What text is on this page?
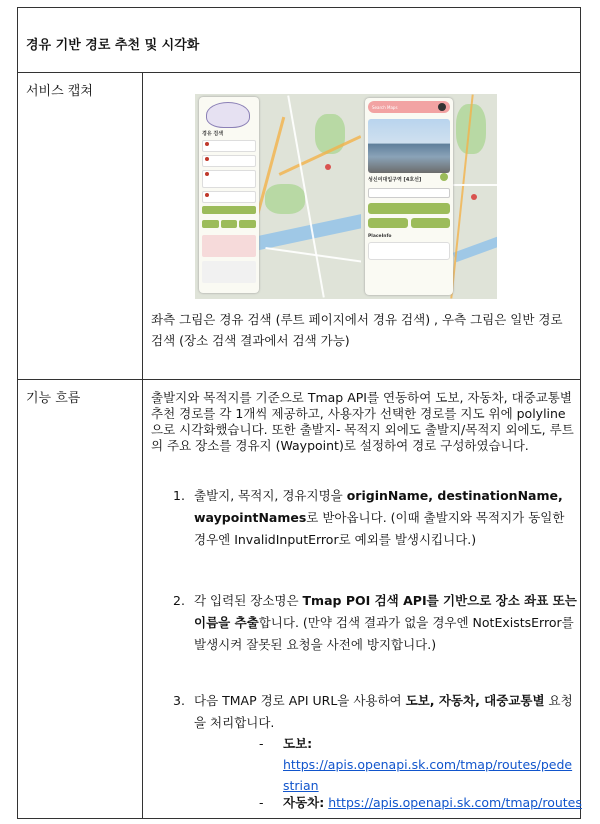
경유 기반 경로 추천 및 시각화
서비스 캡쳐
경유 검색
Search Maps
성신여대입구역 [4호선]
PlaceInfo
좌측 그림은 경유 검색 (루트 페이지에서 경유 검색) , 우측 그림은 일반 경로 검색 (장소 검색 결과에서 검색 가능)
기능 흐름	출발지와 목적지를 기준으로 Tmap API를 연동하여 도보, 자동차, 대중교통별 추천 경로를 각 1개씩 제공하고, 사용자가 선택한 경로를 지도 위에 polyline으로 시각화했습니다. 또한 출발지- 목적지 외에도 출발지/목적지 외에도, 루트의 주요 장소를 경유지 (Waypoint)로 설정하여 경로 구성하였습니다.
1. 출발지, 목적지, 경유지명을 originName, destinationName, waypointNames로 받아옵니다. (이때 출발지와 목적지가 동일한 경우엔 InvalidInputError로 예외를 발생시킵니다.)
2. 각 입력된 장소명은 Tmap POI 검색 API를 기반으로 장소 좌표 또는 이름을 추출합니다. (만약 검색 결과가 없을 경우엔 NotExistsError를 발생시켜 잘못된 요청을 사전에 방지합니다.)
3. 다음 TMAP 경로 API URL을 사용하여 도보, 자동차, 대중교통별 요청을 처리합니다.
- 도보:
https://apis.openapi.sk.com/tmap/routes/pedestrian
- 자동차: https://apis.openapi.sk.com/tmap/routes
